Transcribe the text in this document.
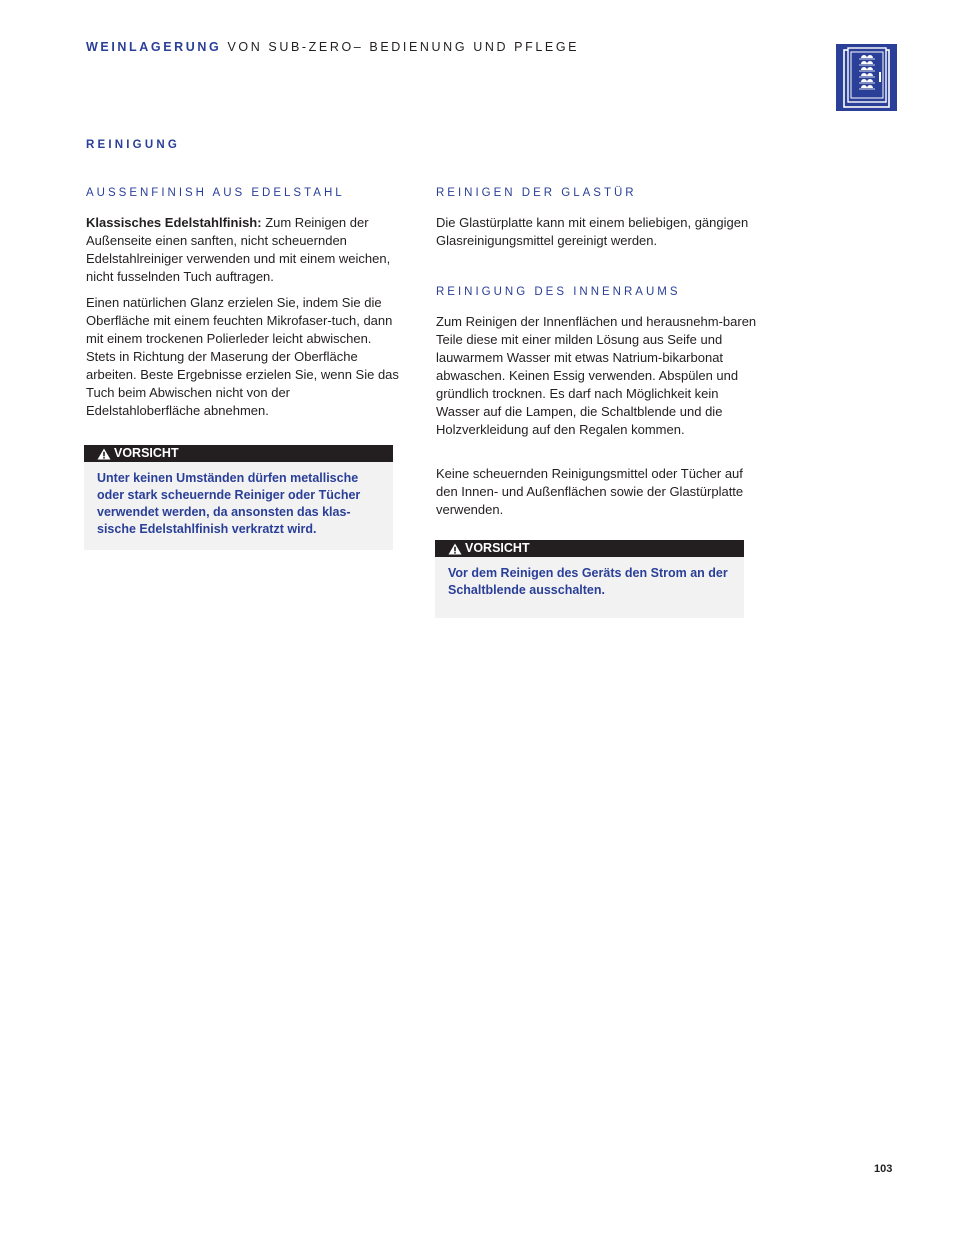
WEINLAGERUNG VON SUB-ZERO– BEDIENUNG UND PFLEGE
REINIGUNG
AUSSENFINISH AUS EDELSTAHL

Klassisches Edelstahlfinish: Zum Reinigen der Außenseite einen sanften, nicht scheuernden Edelstahlreiniger verwenden und mit einem weichen, nicht fusselnden Tuch auftragen.

Einen natürlichen Glanz erzielen Sie, indem Sie die Oberfläche mit einem feuchten Mikrofaser-tuch, dann mit einem trockenen Polierleder leicht abwischen. Stets in Richtung der Maserung der Oberfläche arbeiten. Beste Ergebnisse erzielen Sie, wenn Sie das Tuch beim Abwischen nicht von der Edelstahloberfläche abnehmen.

VORSICHT

Unter keinen Umständen dürfen metallische oder stark scheuernde Reiniger oder Tücher verwendet werden, da ansonsten das klas-sische Edelstahlfinish verkratzt wird.

REINIGEN DER GLASTÜR

Die Glastürplatte kann mit einem beliebigen, gängigen Glasreinigungsmittel gereinigt werden.

REINIGUNG DES INNENRAUMS

Zum Reinigen der Innenflächen und herausnehm-baren Teile diese mit einer milden Lösung aus Seife und lauwarmem Wasser mit etwas Natrium-bikarbonat abwaschen. Keinen Essig verwenden. Abspülen und gründlich trocknen. Es darf nach Möglichkeit kein Wasser auf die Lampen, die Schaltblende und die Holzverkleidung auf den Regalen kommen.

Keine scheuernden Reinigungsmittel oder Tücher auf den Innen- und Außenflächen sowie der Glastürplatte verwenden.

VORSICHT

Vor dem Reinigen des Geräts den Strom an der Schaltblende ausschalten.

103
